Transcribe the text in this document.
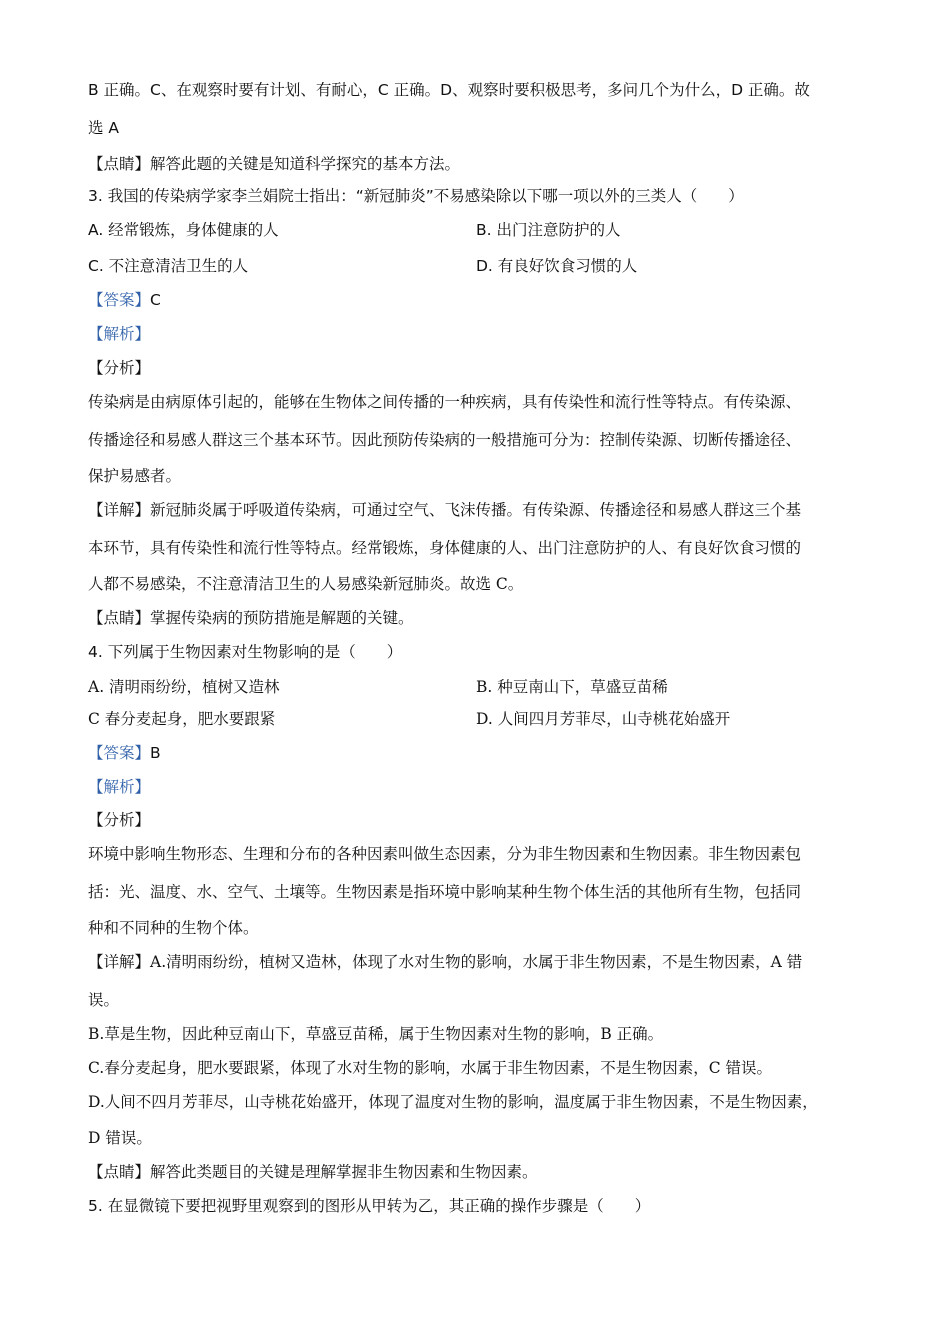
B 正确。C、在观察时要有计划、有耐心，C 正确。D、观察时要积极思考，多问几个为什么，D 正确。故
选 A
【点睛】解答此题的关键是知道科学探究的基本方法。
3. 我国的传染病学家李兰娟院士指出：“新冠肺炎”不易感染除以下哪一项以外的三类人（　　）
A. 经常锻炼，身体健康的人	B. 出门注意防护的人
C. 不注意清洁卫生的人	D. 有良好饮食习惯的人
【答案】C
【解析】
【分析】
传染病是由病原体引起的，能够在生物体之间传播的一种疾病，具有传染性和流行性等特点。有传染源、
传播途径和易感人群这三个基本环节。因此预防传染病的一般措施可分为：控制传染源、切断传播途径、
保护易感者。
【详解】新冠肺炎属于呼吸道传染病，可通过空气、飞沫传播。有传染源、传播途径和易感人群这三个基
本环节，具有传染性和流行性等特点。经常锻炼，身体健康的人、出门注意防护的人、有良好饮食习惯的
人都不易感染，不注意清洁卫生的人易感染新冠肺炎。故选 C。
【点睛】掌握传染病的预防措施是解题的关键。
4. 下列属于生物因素对生物影响的是（　　）
A. 清明雨纷纷，植树又造林	B. 种豆南山下，草盛豆苗稀
C 春分麦起身，肥水要跟紧	D. 人间四月芳菲尽，山寺桃花始盛开
【答案】B
【解析】
【分析】
环境中影响生物形态、生理和分布的各种因素叫做生态因素，分为非生物因素和生物因素。非生物因素包
括：光、温度、水、空气、土壤等。生物因素是指环境中影响某种生物个体生活的其他所有生物，包括同
种和不同种的生物个体。
【详解】A.清明雨纷纷，植树又造林，体现了水对生物的影响，水属于非生物因素，不是生物因素，A 错
误。
B.草是生物，因此种豆南山下，草盛豆苗稀，属于生物因素对生物的影响，B 正确。
C.春分麦起身，肥水要跟紧，体现了水对生物的影响，水属于非生物因素，不是生物因素，C 错误。
D.人间不四月芳菲尽，山寺桃花始盛开，体现了温度对生物的影响，温度属于非生物因素，不是生物因素，
D 错误。
【点睛】解答此类题目的关键是理解掌握非生物因素和生物因素。
5. 在显微镜下要把视野里观察到的图形从甲转为乙，其正确的操作步骤是（　　）
